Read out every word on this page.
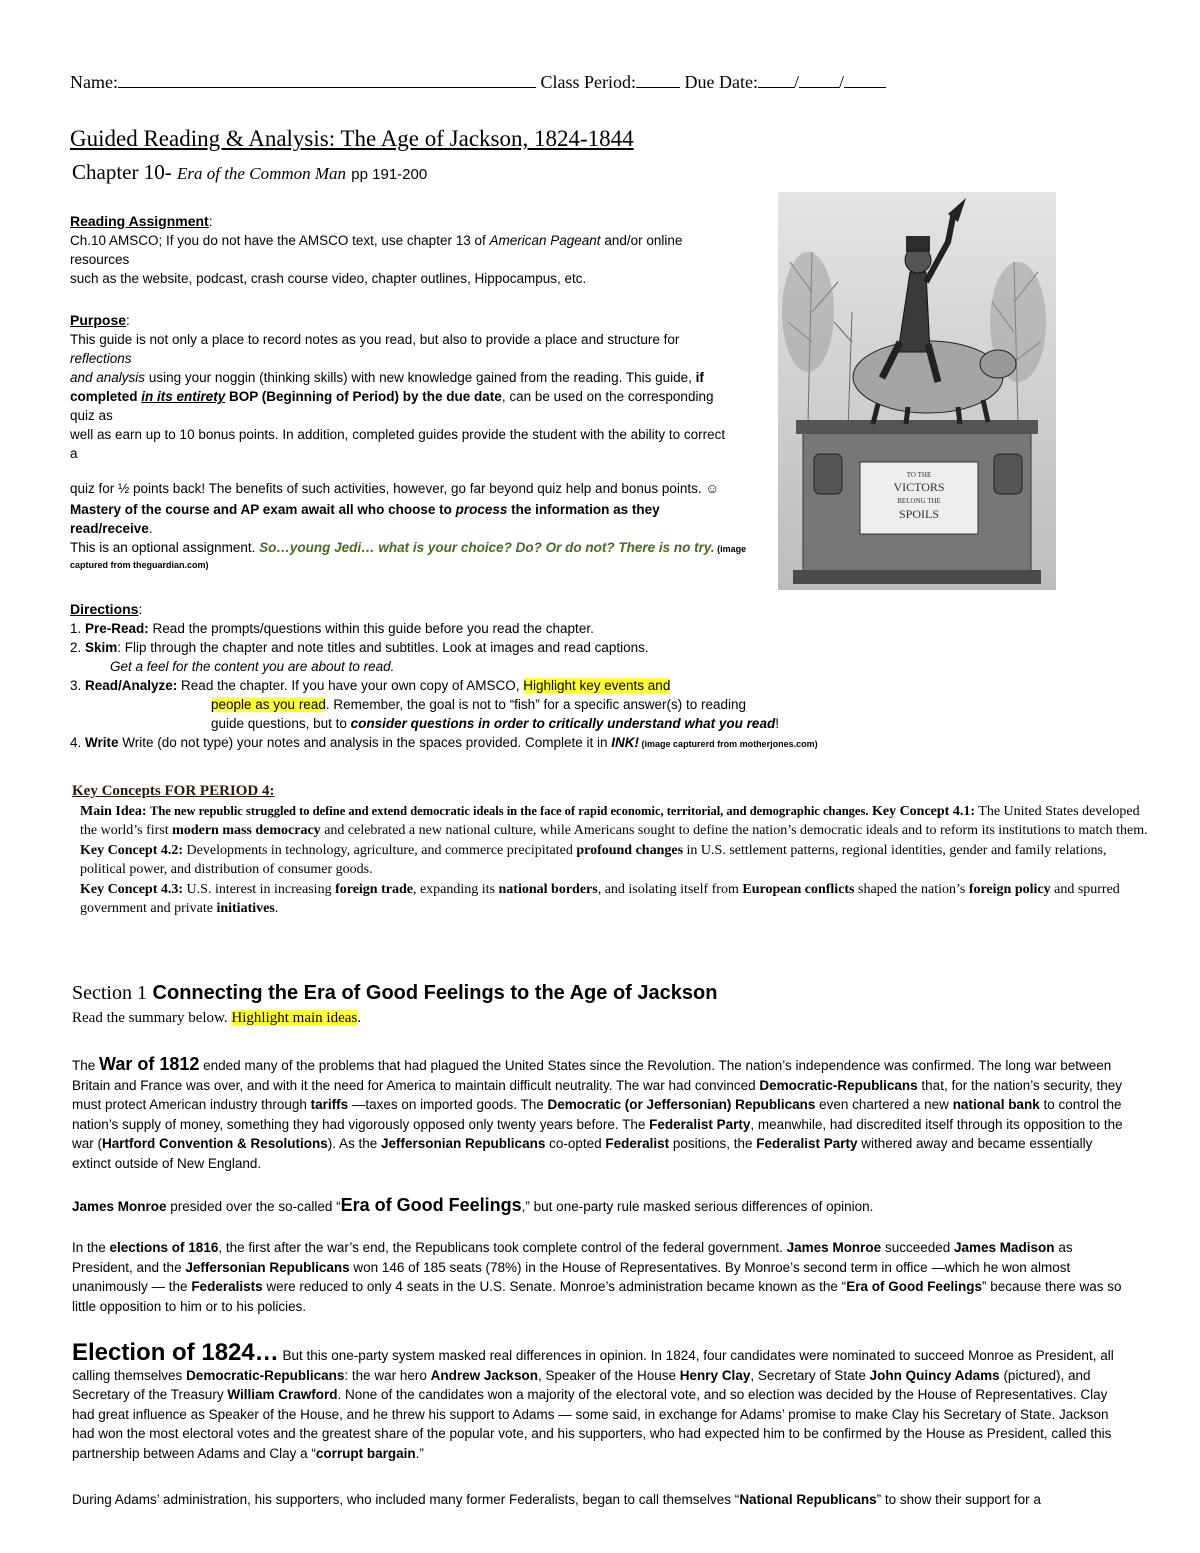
Name:	Class Period:	Due Date: / /
Guided Reading & Analysis: The Age of Jackson, 1824-1844
Chapter 10- Era of the Common Man pp 191-200
Reading Assignment:
Ch.10 AMSCO; If you do not have the AMSCO text, use chapter 13 of American Pageant and/or online
resources
such as the website, podcast, crash course video, chapter outlines, Hippocampus, etc.
Purpose:
This guide is not only a place to record notes as you read, but also to provide a place and structure for
reflections
and analysis using your noggin (thinking skills) with new knowledge gained from the reading. This guide, if
completed in its entirety BOP (Beginning of Period) by the due date, can be used on the corresponding
quiz as
well as earn up to 10 bonus points. In addition, completed guides provide the student with the ability to correct
a
quiz for ½ points back! The benefits of such activities, however, go far beyond quiz help and bonus points. ☺
Mastery of the course and AP exam await all who choose to process the information as they
read/receive.
This is an optional assignment. So…young Jedi… what is your choice? Do? Or do not? There is no try. (image
captured from theguardian.com)
Directions:
1. Pre-Read: Read the prompts/questions within this guide before you read the chapter.
2. Skim: Flip through the chapter and note titles and subtitles. Look at images and read captions.
Get a feel for the content you are about to read.
3. Read/Analyze: Read the chapter. If you have your own copy of AMSCO, Highlight key events and
people as you read. Remember, the goal is not to “fish” for a specific answer(s) to reading
guide questions, but to consider questions in order to critically understand what you read!
4. Write Write (do not type) your notes and analysis in the spaces provided. Complete it in INK! (image capturerd from motherjones.com)
TO THE
VICTORS
BELONG THE
SPOILS
Key Concepts FOR PERIOD 4:
Main Idea: The new republic struggled to define and extend democratic ideals in the face of rapid economic, territorial, and demographic changes. Key Concept 4.1: The United States developed the world’s first modern mass democracy and celebrated a new national culture, while Americans sought to define the nation’s democratic ideals and to reform its institutions to match them.
Key Concept 4.2: Developments in technology, agriculture, and commerce precipitated profound changes in U.S. settlement patterns, regional identities, gender and family relations, political power, and distribution of consumer goods.
Key Concept 4.3: U.S. interest in increasing foreign trade, expanding its national borders, and isolating itself from European conflicts shaped the nation’s foreign policy and spurred government and private initiatives.
Section 1 Connecting the Era of Good Feelings to the Age of Jackson
Read the summary below. Highlight main ideas.
The War of 1812 ended many of the problems that had plagued the United States since the Revolution. The nation’s independence was confirmed. The long war between Britain and France was over, and with it the need for America to maintain difficult neutrality. The war had convinced Democratic-Republicans that, for the nation’s security, they must protect American industry through tariffs —taxes on imported goods. The Democratic (or Jeffersonian) Republicans even chartered a new national bank to control the nation’s supply of money, something they had vigorously opposed only twenty years before. The Federalist Party, meanwhile, had discredited itself through its opposition to the war (Hartford Convention & Resolutions). As the Jeffersonian Republicans co-opted Federalist positions, the Federalist Party withered away and became essentially extinct outside of New England.
James Monroe presided over the so-called “Era of Good Feelings,” but one-party rule masked serious differences of opinion.
In the elections of 1816, the first after the war’s end, the Republicans took complete control of the federal government. James Monroe succeeded James Madison as President, and the Jeffersonian Republicans won 146 of 185 seats (78%) in the House of Representatives. By Monroe’s second term in office —which he won almost unanimously — the Federalists were reduced to only 4 seats in the U.S. Senate. Monroe’s administration became known as the “Era of Good Feelings” because there was so little opposition to him or to his policies.
Election of 1824… But this one-party system masked real differences in opinion. In 1824, four candidates were nominated to succeed Monroe as President, all calling themselves Democratic-Republicans: the war hero Andrew Jackson, Speaker of the House Henry Clay, Secretary of State John Quincy Adams (pictured), and Secretary of the Treasury William Crawford. None of the candidates won a majority of the electoral vote, and so election was decided by the House of Representatives. Clay had great influence as Speaker of the House, and he threw his support to Adams — some said, in exchange for Adams’ promise to make Clay his Secretary of State. Jackson had won the most electoral votes and the greatest share of the popular vote, and his supporters, who had expected him to be confirmed by the House as President, called this partnership between Adams and Clay a “corrupt bargain.”
During Adams’ administration, his supporters, who included many former Federalists, began to call themselves “National Republicans” to show their support for a
